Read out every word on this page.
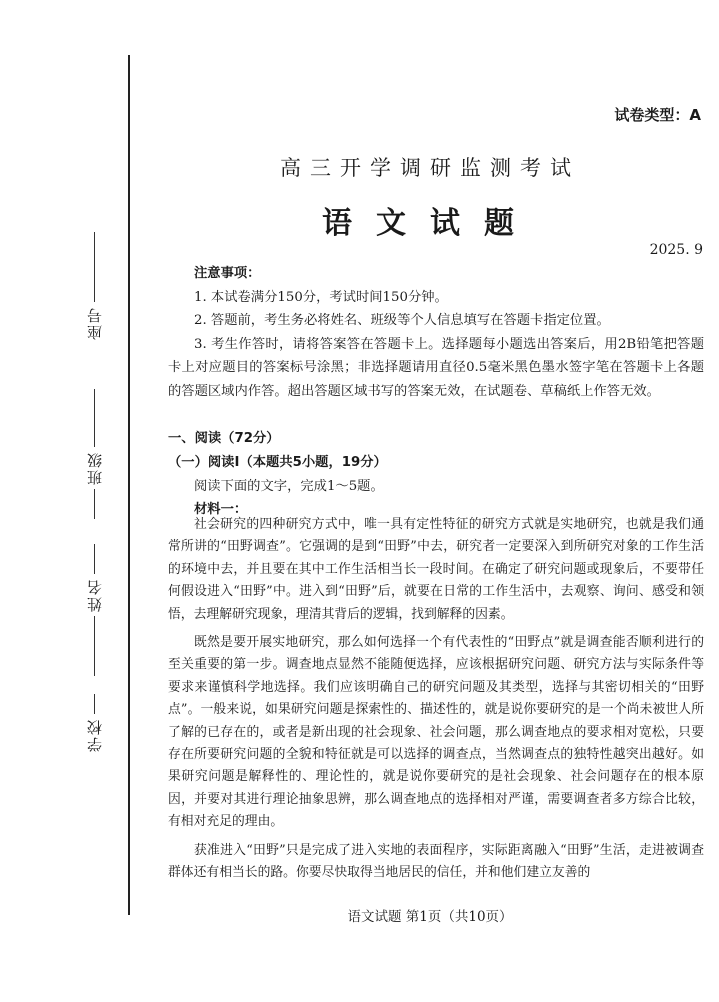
座号
班级
姓名
学校
试卷类型：A
高三开学调研监测考试
语文试题
2025. 9
注意事项：

1. 本试卷满分150分，考试时间150分钟。

2. 答题前，考生务必将姓名、班级等个人信息填写在答题卡指定位置。

3. 考生作答时，请将答案答在答题卡上。选择题每小题选出答案后，用2B铅笔把答题卡上对应题目的答案标号涂黑；非选择题请用直径0.5毫米黑色墨水签字笔在答题卡上各题的答题区域内作答。超出答题区域书写的答案无效，在试题卷、草稿纸上作答无效。

一、阅读（72分）
（一）阅读Ⅰ（本题共5小题，19分）
阅读下面的文字，完成1～5题。
材料一：

社会研究的四种研究方式中，唯一具有定性特征的研究方式就是实地研究，也就是我们通常所讲的“田野调查”。它强调的是到“田野”中去，研究者一定要深入到所研究对象的工作生活的环境中去，并且要在其中工作生活相当长一段时间。在确定了研究问题或现象后，不要带任何假设进入“田野”中。进入到“田野”后，就要在日常的工作生活中，去观察、询问、感受和领悟，去理解研究现象，理清其背后的逻辑，找到解释的因素。

既然是要开展实地研究，那么如何选择一个有代表性的“田野点”就是调查能否顺利进行的至关重要的第一步。调查地点显然不能随便选择，应该根据研究问题、研究方法与实际条件等要求来谨慎科学地选择。我们应该明确自己的研究问题及其类型，选择与其密切相关的“田野点”。一般来说，如果研究问题是探索性的、描述性的，就是说你要研究的是一个尚未被世人所了解的已存在的，或者是新出现的社会现象、社会问题，那么调查地点的要求相对宽松，只要存在所要研究问题的全貌和特征就是可以选择的调查点，当然调查点的独特性越突出越好。如果研究问题是解释性的、理论性的，就是说你要研究的是社会现象、社会问题存在的根本原因，并要对其进行理论抽象思辨，那么调查地点的选择相对严谨，需要调查者多方综合比较，有相对充足的理由。

获准进入“田野”只是完成了进入实地的表面程序，实际距离融入“田野”生活，走进被调查群体还有相当长的路。你要尽快取得当地居民的信任，并和他们建立友善的

语文试题 第1页（共10页）
